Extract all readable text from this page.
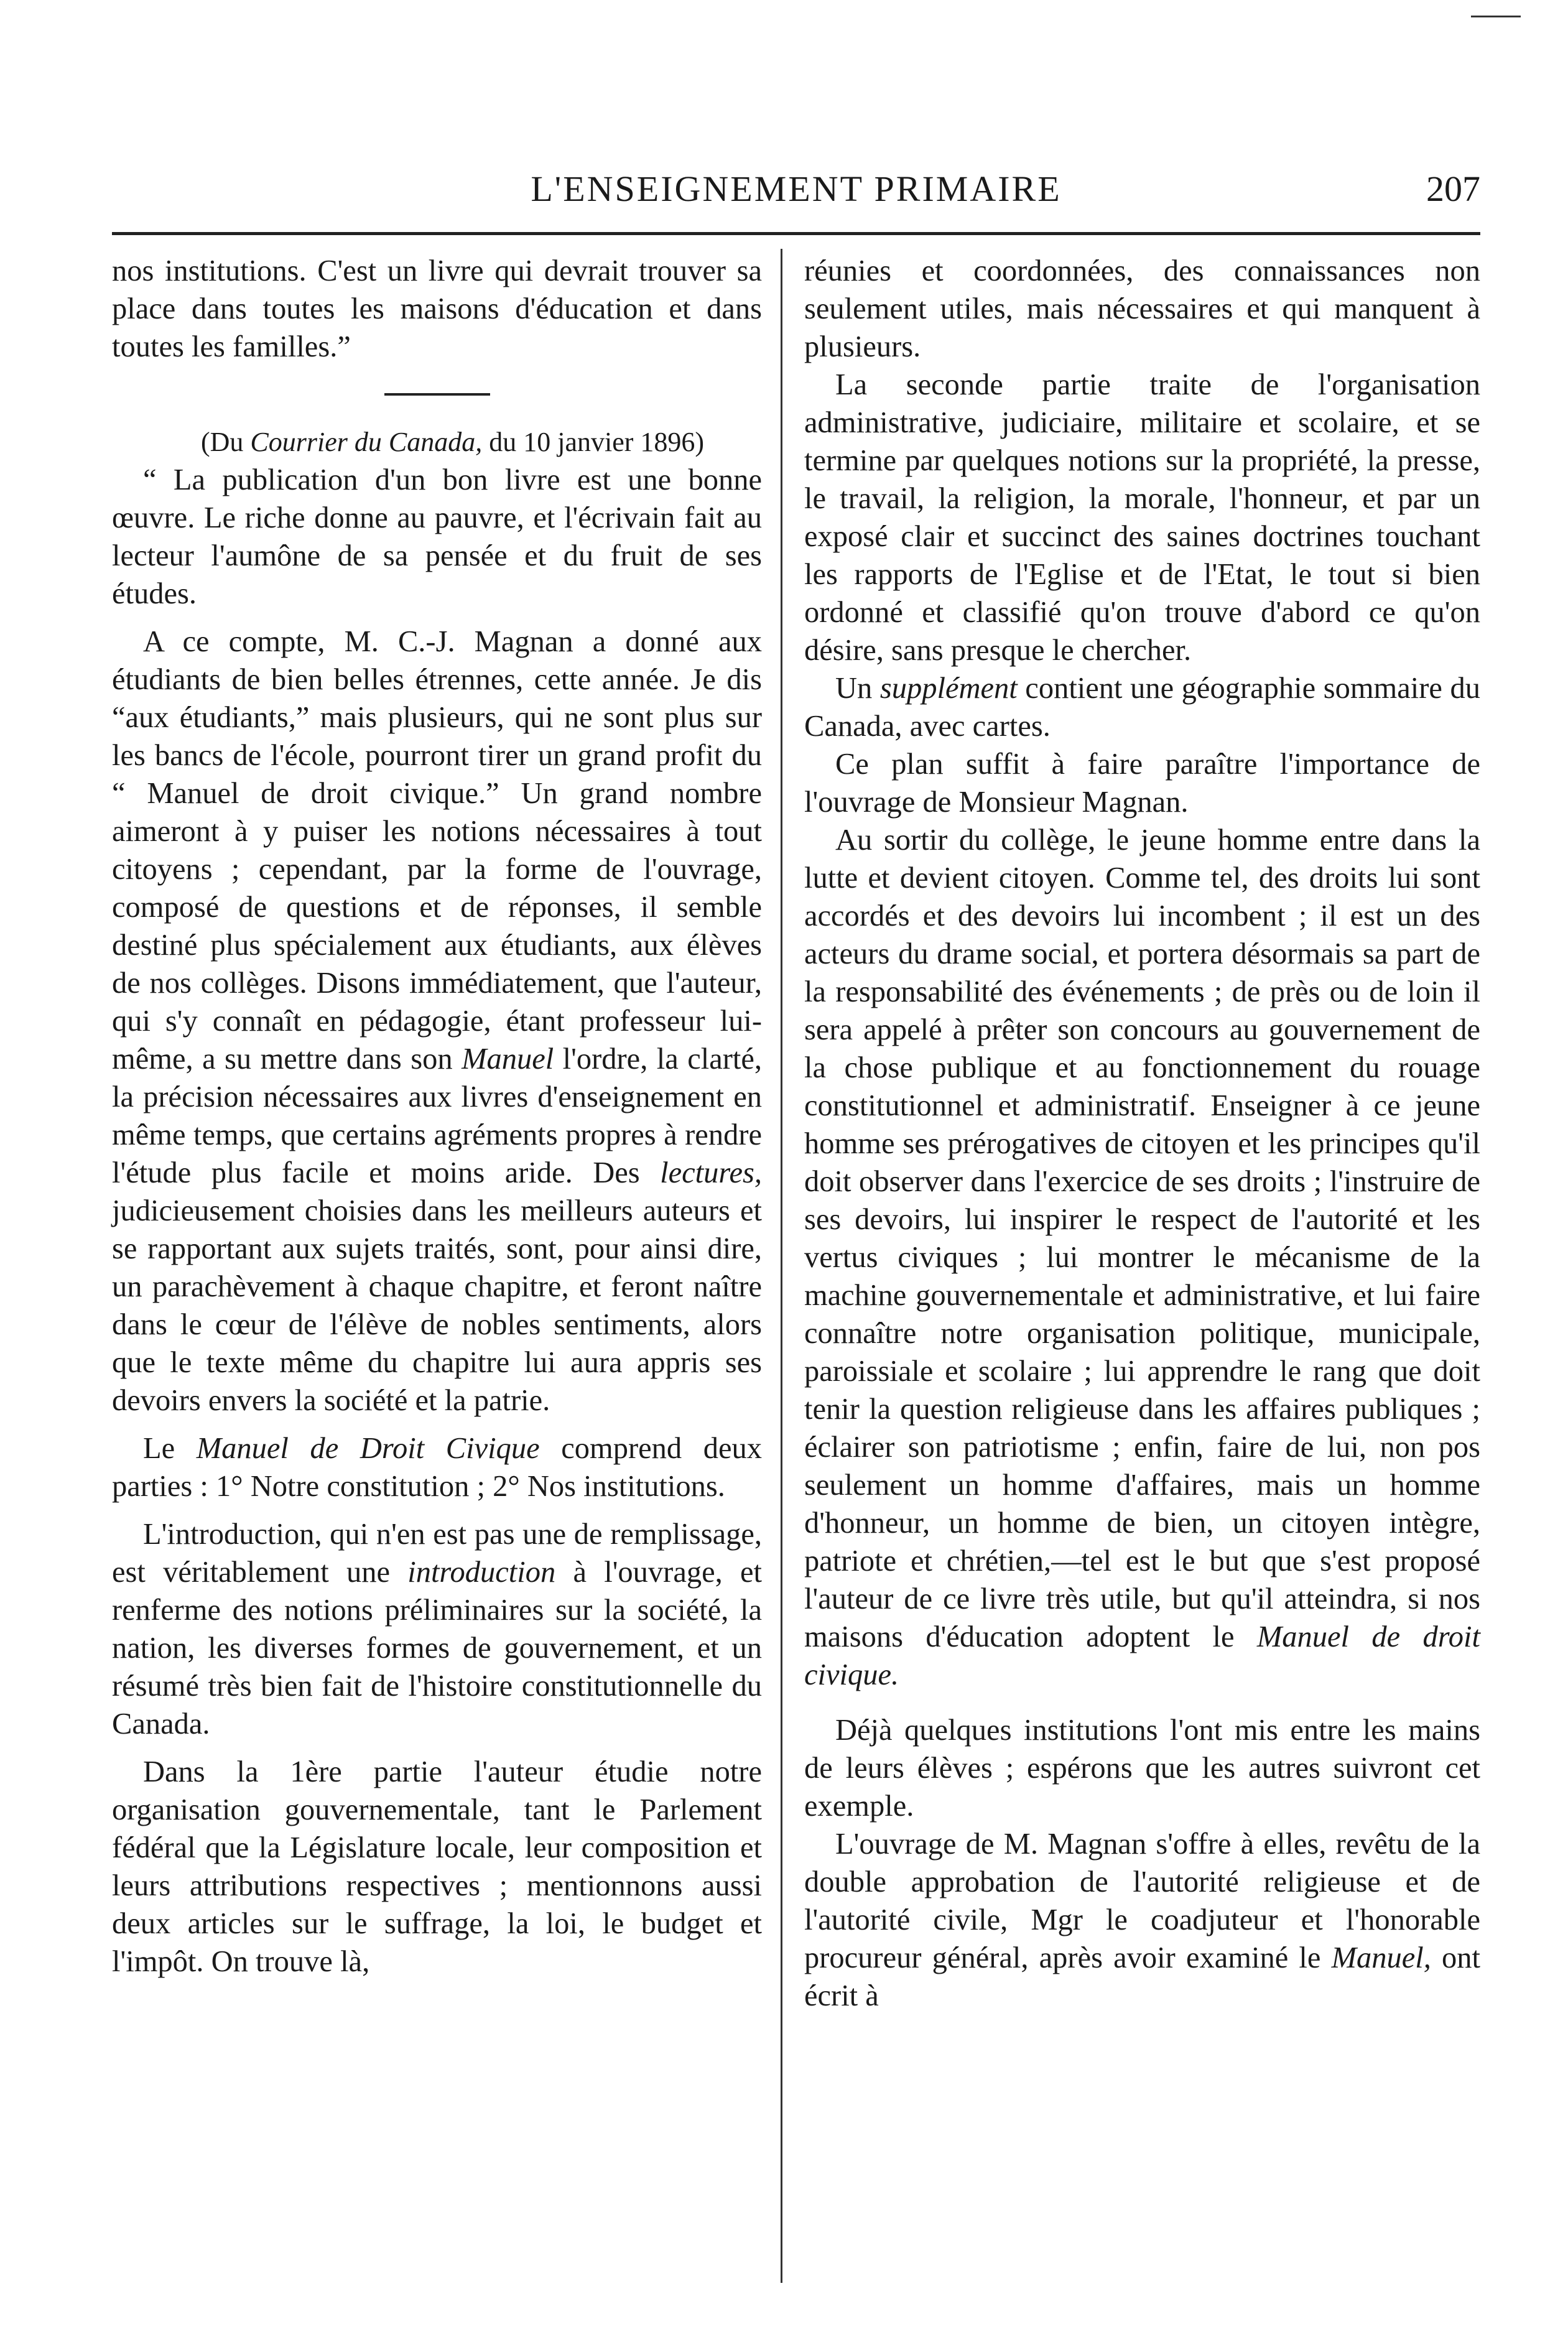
L'ENSEIGNEMENT PRIMAIRE	207

nos institutions. C'est un livre qui devrait trouver sa place dans toutes les maisons d'éducation et dans toutes les familles.”

(Du Courrier du Canada, du 10 janvier 1896)

“ La publication d'un bon livre est une bonne œuvre. Le riche donne au pauvre, et l'écrivain fait au lecteur l'aumône de sa pensée et du fruit de ses études.

A ce compte, M. C.-J. Magnan a donné aux étudiants de bien belles étrennes, cette année. Je dis “aux étudiants,” mais plusieurs, qui ne sont plus sur les bancs de l'école, pourront tirer un grand profit du “ Manuel de droit civique.” Un grand nombre aimeront à y puiser les notions nécessaires à tout citoyens ; cependant, par la forme de l'ouvrage, composé de questions et de réponses, il semble destiné plus spécialement aux étudiants, aux élèves de nos collèges. Disons immédiatement, que l'auteur, qui s'y connaît en pédagogie, étant professeur lui-même, a su mettre dans son Manuel l'ordre, la clarté, la précision nécessaires aux livres d'enseignement en même temps, que certains agréments propres à rendre l'étude plus facile et moins aride. Des lectures, judicieusement choisies dans les meilleurs auteurs et se rapportant aux sujets traités, sont, pour ainsi dire, un parachèvement à chaque chapitre, et feront naître dans le cœur de l'élève de nobles sentiments, alors que le texte même du chapitre lui aura appris ses devoirs envers la société et la patrie.

Le Manuel de Droit Civique comprend deux parties : 1° Notre constitution ; 2° Nos institutions.

L'introduction, qui n'en est pas une de remplissage, est véritablement une introduction à l'ouvrage, et renferme des notions préliminaires sur la société, la nation, les diverses formes de gouvernement, et un résumé très bien fait de l'histoire constitutionnelle du Canada.

Dans la 1ère partie l'auteur étudie notre organisation gouvernementale, tant le Parlement fédéral que la Législature locale, leur composition et leurs attributions respectives ; mentionnons aussi deux articles sur le suffrage, la loi, le budget et l'impôt. On trouve là,

réunies et coordonnées, des connaissances non seulement utiles, mais nécessaires et qui manquent à plusieurs.

La seconde partie traite de l'organisation administrative, judiciaire, militaire et scolaire, et se termine par quelques notions sur la propriété, la presse, le travail, la religion, la morale, l'honneur, et par un exposé clair et succinct des saines doctrines touchant les rapports de l'Eglise et de l'Etat, le tout si bien ordonné et classifié qu'on trouve d'abord ce qu'on désire, sans presque le chercher.

Un supplément contient une géographie sommaire du Canada, avec cartes.

Ce plan suffit à faire paraître l'importance de l'ouvrage de Monsieur Magnan.

Au sortir du collège, le jeune homme entre dans la lutte et devient citoyen. Comme tel, des droits lui sont accordés et des devoirs lui incombent ; il est un des acteurs du drame social, et portera désormais sa part de la responsabilité des événements ; de près ou de loin il sera appelé à prêter son concours au gouvernement de la chose publique et au fonctionnement du rouage constitutionnel et administratif. Enseigner à ce jeune homme ses prérogatives de citoyen et les principes qu'il doit observer dans l'exercice de ses droits ; l'instruire de ses devoirs, lui inspirer le respect de l'autorité et les vertus civiques ; lui montrer le mécanisme de la machine gouvernementale et administrative, et lui faire connaître notre organisation politique, municipale, paroissiale et scolaire ; lui apprendre le rang que doit tenir la question religieuse dans les affaires publiques ; éclairer son patriotisme ; enfin, faire de lui, non pos seulement un homme d'affaires, mais un homme d'honneur, un homme de bien, un citoyen intègre, patriote et chrétien,—tel est le but que s'est proposé l'auteur de ce livre très utile, but qu'il atteindra, si nos maisons d'éducation adoptent le Manuel de droit civique.

Déjà quelques institutions l'ont mis entre les mains de leurs élèves ; espérons que les autres suivront cet exemple.

L'ouvrage de M. Magnan s'offre à elles, revêtu de la double approbation de l'autorité religieuse et de l'autorité civile, Mgr le coadjuteur et l'honorable procureur général, après avoir examiné le Manuel, ont écrit à
